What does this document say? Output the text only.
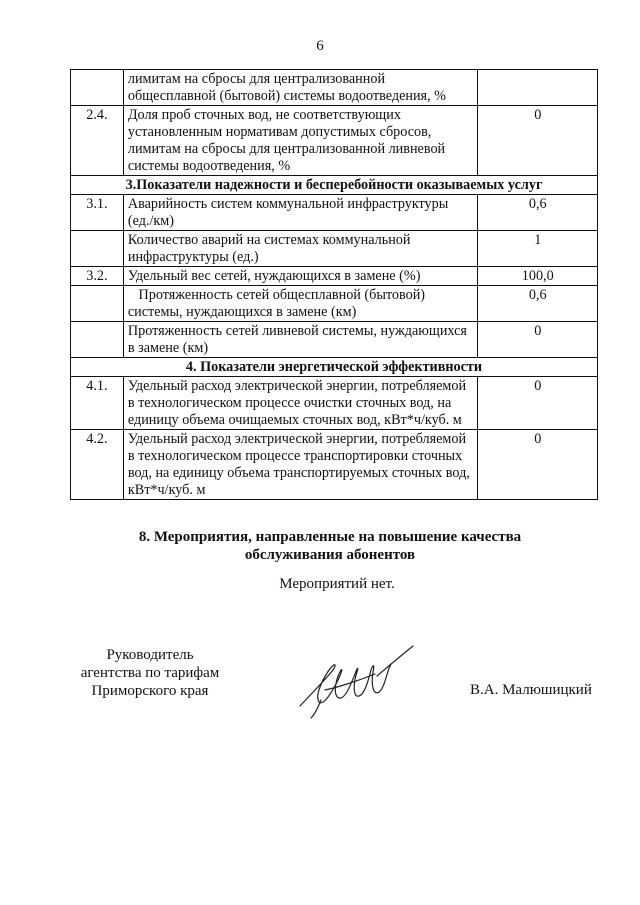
6
	лимитам на сбросы для централизованной общесплавной (бытовой) системы водоотведения, %	
2.4.	Доля проб сточных вод, не соответствующих установленным нормативам допустимых сбросов, лимитам на сбросы для централизованной ливневой системы водоотведения, %	0
3.Показатели надежности и бесперебойности оказываемых услуг		
3.1.	Аварийность систем коммунальной инфраструктуры (ед./км)	0,6
	Количество аварий на системах коммунальной инфраструктуры (ед.)	1
3.2.	Удельный вес сетей, нуждающихся в замене (%)	100,0
	Протяженность сетей общесплавной (бытовой) системы, нуждающихся в замене (км)	0,6
	Протяженность сетей ливневой системы, нуждающихся в замене (км)	0
4. Показатели энергетической эффективности		
4.1.	Удельный расход электрической энергии, потребляемой в технологическом процессе очистки сточных вод, на единицу объема очищаемых сточных вод, кВт*ч/куб. м	0
4.2.	Удельный расход электрической энергии, потребляемой в технологическом процессе транспортировки сточных вод, на единицу объема транспортируемых сточных вод, кВт*ч/куб. м	0
8. Мероприятия, направленные на повышение качества
обслуживания абонентов
Мероприятий нет.
Руководитель
агентства по тарифам
Приморского края	В.А. Малюшицкий
